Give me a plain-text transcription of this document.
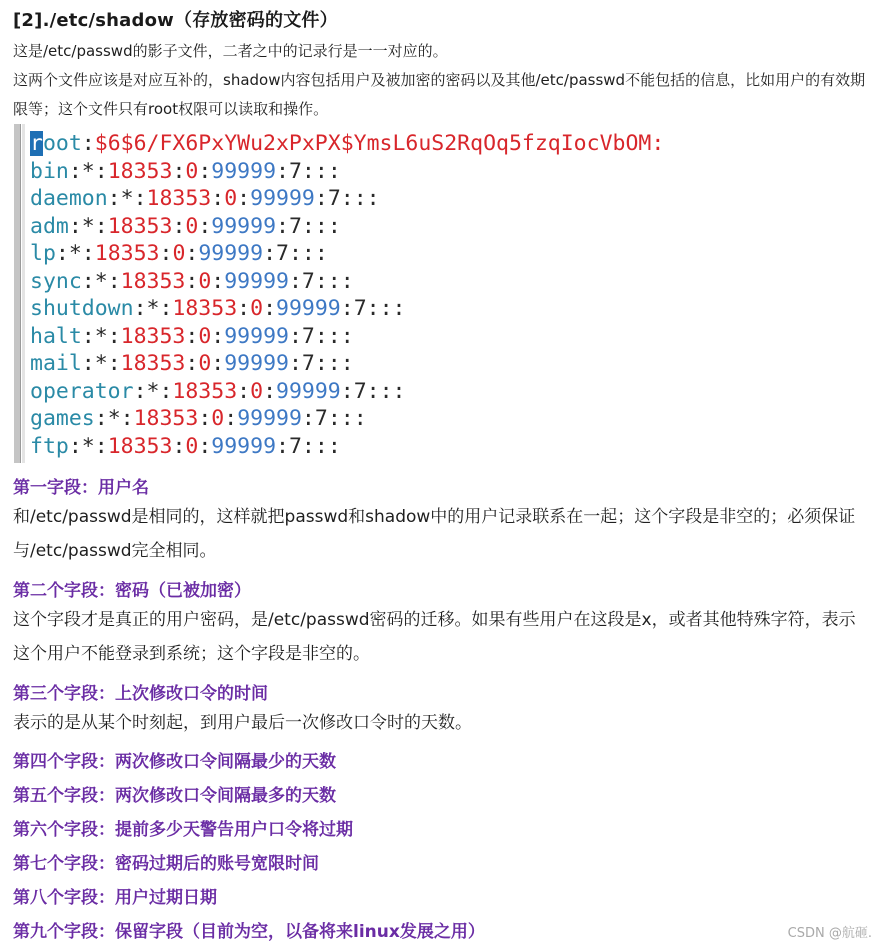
[2]./etc/shadow（存放密码的文件）
这是/etc/passwd的影子文件，二者之中的记录行是一一对应的。
这两个文件应该是对应互补的，shadow内容包括用户及被加密的密码以及其他/etc/passwd不能包括的信息，比如用户的有效期限等；这个文件只有root权限可以读取和操作。
root:$6$6/FX6PxYWu2xPxPX$YmsL6uS2RqOq5fzqIocVbOM:
bin:*:18353:0:99999:7:::
daemon:*:18353:0:99999:7:::
adm:*:18353:0:99999:7:::
lp:*:18353:0:99999:7:::
sync:*:18353:0:99999:7:::
shutdown:*:18353:0:99999:7:::
halt:*:18353:0:99999:7:::
mail:*:18353:0:99999:7:::
operator:*:18353:0:99999:7:::
games:*:18353:0:99999:7:::
ftp:*:18353:0:99999:7:::
第一字段：用户名
和/etc/passwd是相同的，这样就把passwd和shadow中的用户记录联系在一起；这个字段是非空的；必须保证与/etc/passwd完全相同。
第二个字段：密码（已被加密）
这个字段才是真正的用户密码，是/etc/passwd密码的迁移。如果有些用户在这段是x，或者其他特殊字符，表示这个用户不能登录到系统；这个字段是非空的。
第三个字段：上次修改口令的时间
表示的是从某个时刻起，到用户最后一次修改口令时的天数。
第四个字段：两次修改口令间隔最少的天数
第五个字段：两次修改口令间隔最多的天数
第六个字段：提前多少天警告用户口令将过期
第七个字段：密码过期后的账号宽限时间
第八个字段：用户过期日期
第九个字段：保留字段（目前为空，以备将来linux发展之用）	CSDN @航砸.
